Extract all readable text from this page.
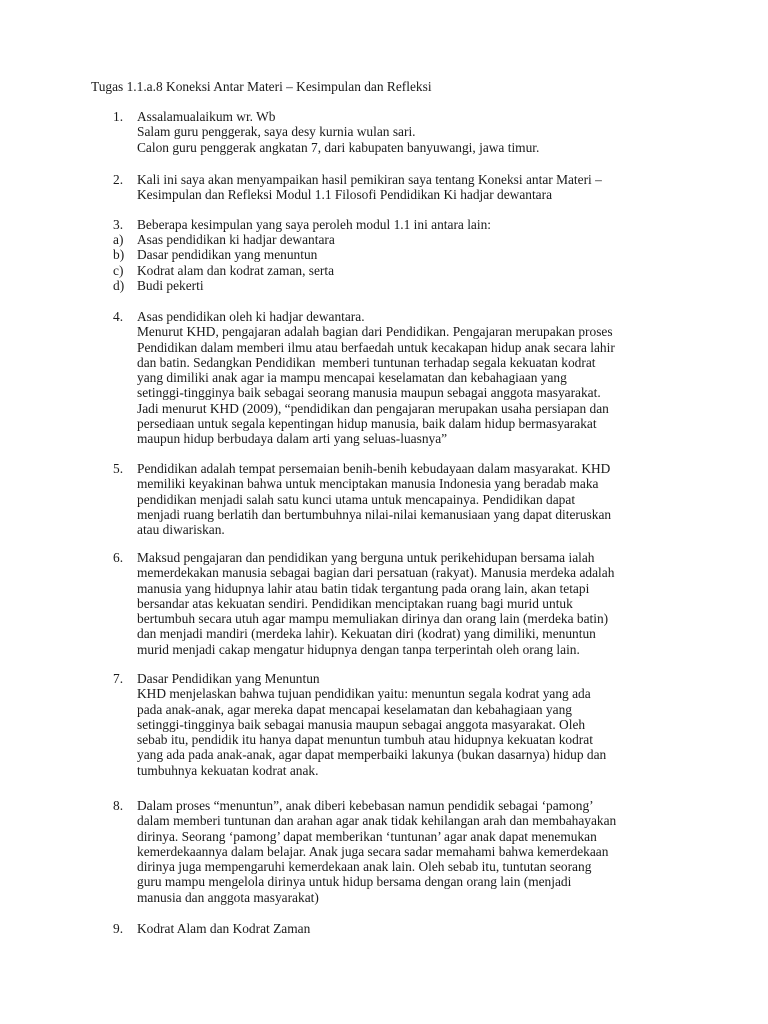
Tugas 1.1.a.8 Koneksi Antar Materi – Kesimpulan dan Refleksi
1.	Assalamualaikum wr. Wb
Salam guru penggerak, saya desy kurnia wulan sari.
Calon guru penggerak angkatan 7, dari kabupaten banyuwangi, jawa timur.
2.	Kali ini saya akan menyampaikan hasil pemikiran saya tentang Koneksi antar Materi –
Kesimpulan dan Refleksi Modul 1.1 Filosofi Pendidikan Ki hadjar dewantara
3.	Beberapa kesimpulan yang saya peroleh modul 1.1 ini antara lain:
a)	Asas pendidikan ki hadjar dewantara
b) Dasar pendidikan yang menuntun
c)	Kodrat alam dan kodrat zaman, serta
d) Budi pekerti
4.	Asas pendidikan oleh ki hadjar dewantara.
Menurut KHD, pengajaran adalah bagian dari Pendidikan. Pengajaran merupakan proses
Pendidikan dalam memberi ilmu atau berfaedah untuk kecakapan hidup anak secara lahir
dan batin. Sedangkan Pendidikan  memberi tuntunan terhadap segala kekuatan kodrat
yang dimiliki anak agar ia mampu mencapai keselamatan dan kebahagiaan yang
setinggi-tingginya baik sebagai seorang manusia maupun sebagai anggota masyarakat.
Jadi menurut KHD (2009), “pendidikan dan pengajaran merupakan usaha persiapan dan
persediaan untuk segala kepentingan hidup manusia, baik dalam hidup bermasyarakat
maupun hidup berbudaya dalam arti yang seluas-luasnya”
5.	Pendidikan adalah tempat persemaian benih-benih kebudayaan dalam masyarakat. KHD
memiliki keyakinan bahwa untuk menciptakan manusia Indonesia yang beradab maka
pendidikan menjadi salah satu kunci utama untuk mencapainya. Pendidikan dapat
menjadi ruang berlatih dan bertumbuhnya nilai-nilai kemanusiaan yang dapat diteruskan
atau diwariskan.
6.	Maksud pengajaran dan pendidikan yang berguna untuk perikehidupan bersama ialah
memerdekakan manusia sebagai bagian dari persatuan (rakyat). Manusia merdeka adalah
manusia yang hidupnya lahir atau batin tidak tergantung pada orang lain, akan tetapi
bersandar atas kekuatan sendiri. Pendidikan menciptakan ruang bagi murid untuk
bertumbuh secara utuh agar mampu memuliakan dirinya dan orang lain (merdeka batin)
dan menjadi mandiri (merdeka lahir). Kekuatan diri (kodrat) yang dimiliki, menuntun
murid menjadi cakap mengatur hidupnya dengan tanpa terperintah oleh orang lain.
7.	Dasar Pendidikan yang Menuntun
KHD menjelaskan bahwa tujuan pendidikan yaitu: menuntun segala kodrat yang ada
pada anak-anak, agar mereka dapat mencapai keselamatan dan kebahagiaan yang
setinggi-tingginya baik sebagai manusia maupun sebagai anggota masyarakat. Oleh
sebab itu, pendidik itu hanya dapat menuntun tumbuh atau hidupnya kekuatan kodrat
yang ada pada anak-anak, agar dapat memperbaiki lakunya (bukan dasarnya) hidup dan
tumbuhnya kekuatan kodrat anak.
8.	Dalam proses “menuntun”, anak diberi kebebasan namun pendidik sebagai ‘pamong’
dalam memberi tuntunan dan arahan agar anak tidak kehilangan arah dan membahayakan
dirinya. Seorang ‘pamong’ dapat memberikan ‘tuntunan’ agar anak dapat menemukan
kemerdekaannya dalam belajar. Anak juga secara sadar memahami bahwa kemerdekaan
dirinya juga mempengaruhi kemerdekaan anak lain. Oleh sebab itu, tuntutan seorang
guru mampu mengelola dirinya untuk hidup bersama dengan orang lain (menjadi
manusia dan anggota masyarakat)
9.	Kodrat Alam dan Kodrat Zaman
